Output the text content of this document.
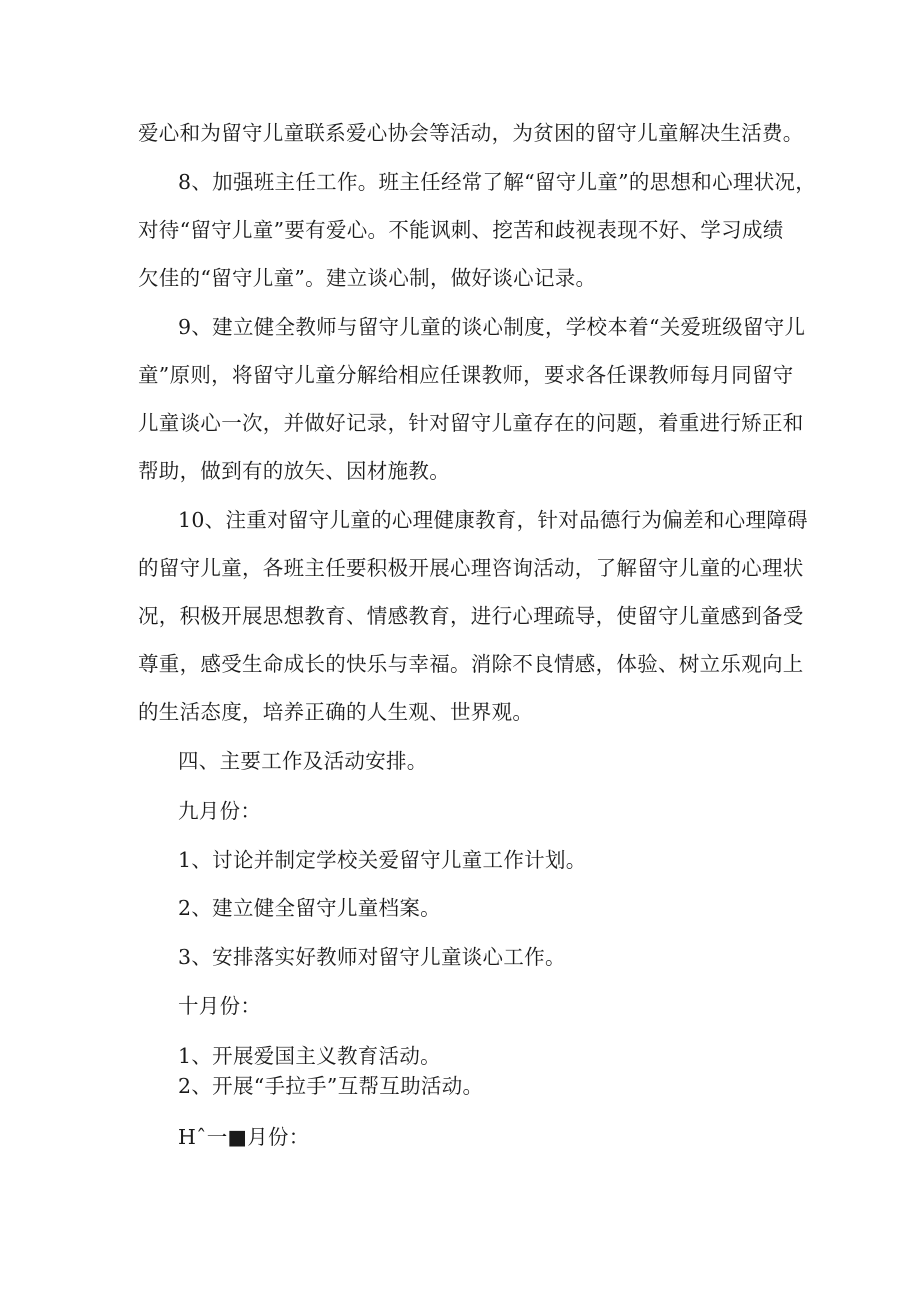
爱心和为留守儿童联系爱心协会等活动，为贫困的留守儿童解决生活费。
8、加强班主任工作。班主任经常了解“留守儿童”的思想和心理状况，
对待“留守儿童”要有爱心。不能讽刺、挖苦和歧视表现不好、学习成绩
欠佳的“留守儿童”。建立谈心制，做好谈心记录。
9、建立健全教师与留守儿童的谈心制度，学校本着“关爱班级留守儿
童”原则，将留守儿童分解给相应任课教师，要求各任课教师每月同留守
儿童谈心一次，并做好记录，针对留守儿童存在的问题，着重进行矫正和
帮助，做到有的放矢、因材施教。
10、注重对留守儿童的心理健康教育，针对品德行为偏差和心理障碍
的留守儿童，各班主任要积极开展心理咨询活动，了解留守儿童的心理状
况，积极开展思想教育、情感教育，进行心理疏导，使留守儿童感到备受
尊重，感受生命成长的快乐与幸福。消除不良情感，体验、树立乐观向上
的生活态度，培养正确的人生观、世界观。
四、主要工作及活动安排。
九月份：
1、讨论并制定学校关爱留守儿童工作计划。
2、建立健全留守儿童档案。
3、安排落实好教师对留守儿童谈心工作。
十月份：
1、开展爱国主义教育活动。
2、开展“手拉手”互帮互助活动。
Hˆ一■月份：
